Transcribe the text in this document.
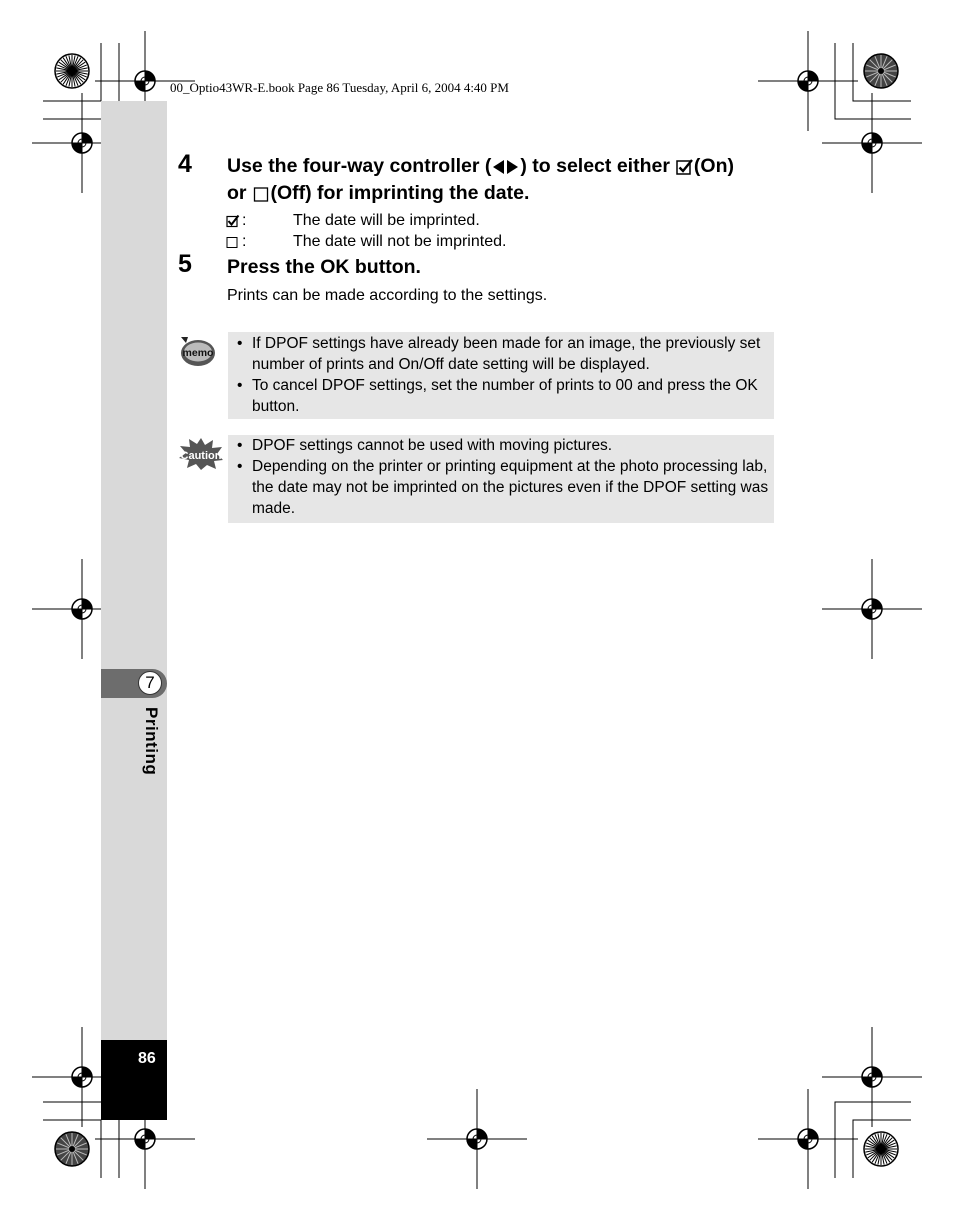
00_Optio43WR-E.book Page 86 Tuesday, April 6, 2004 4:40 PM
7
Printing
86
4 Use the four-way controller ( ) to select either (On)
or (Off) for imprinting the date.
:	The date will be imprinted.
:	The date will not be imprinted.
5 Press the OK button.
Prints can be made according to the settings.
memo
• If DPOF settings have already been made for an image, the previously set number of prints and On/Off date setting will be displayed.
• To cancel DPOF settings, set the number of prints to 00 and press the OK button.
Caution
• DPOF settings cannot be used with moving pictures.
• Depending on the printer or printing equipment at the photo processing lab, the date may not be imprinted on the pictures even if the DPOF setting was made.
